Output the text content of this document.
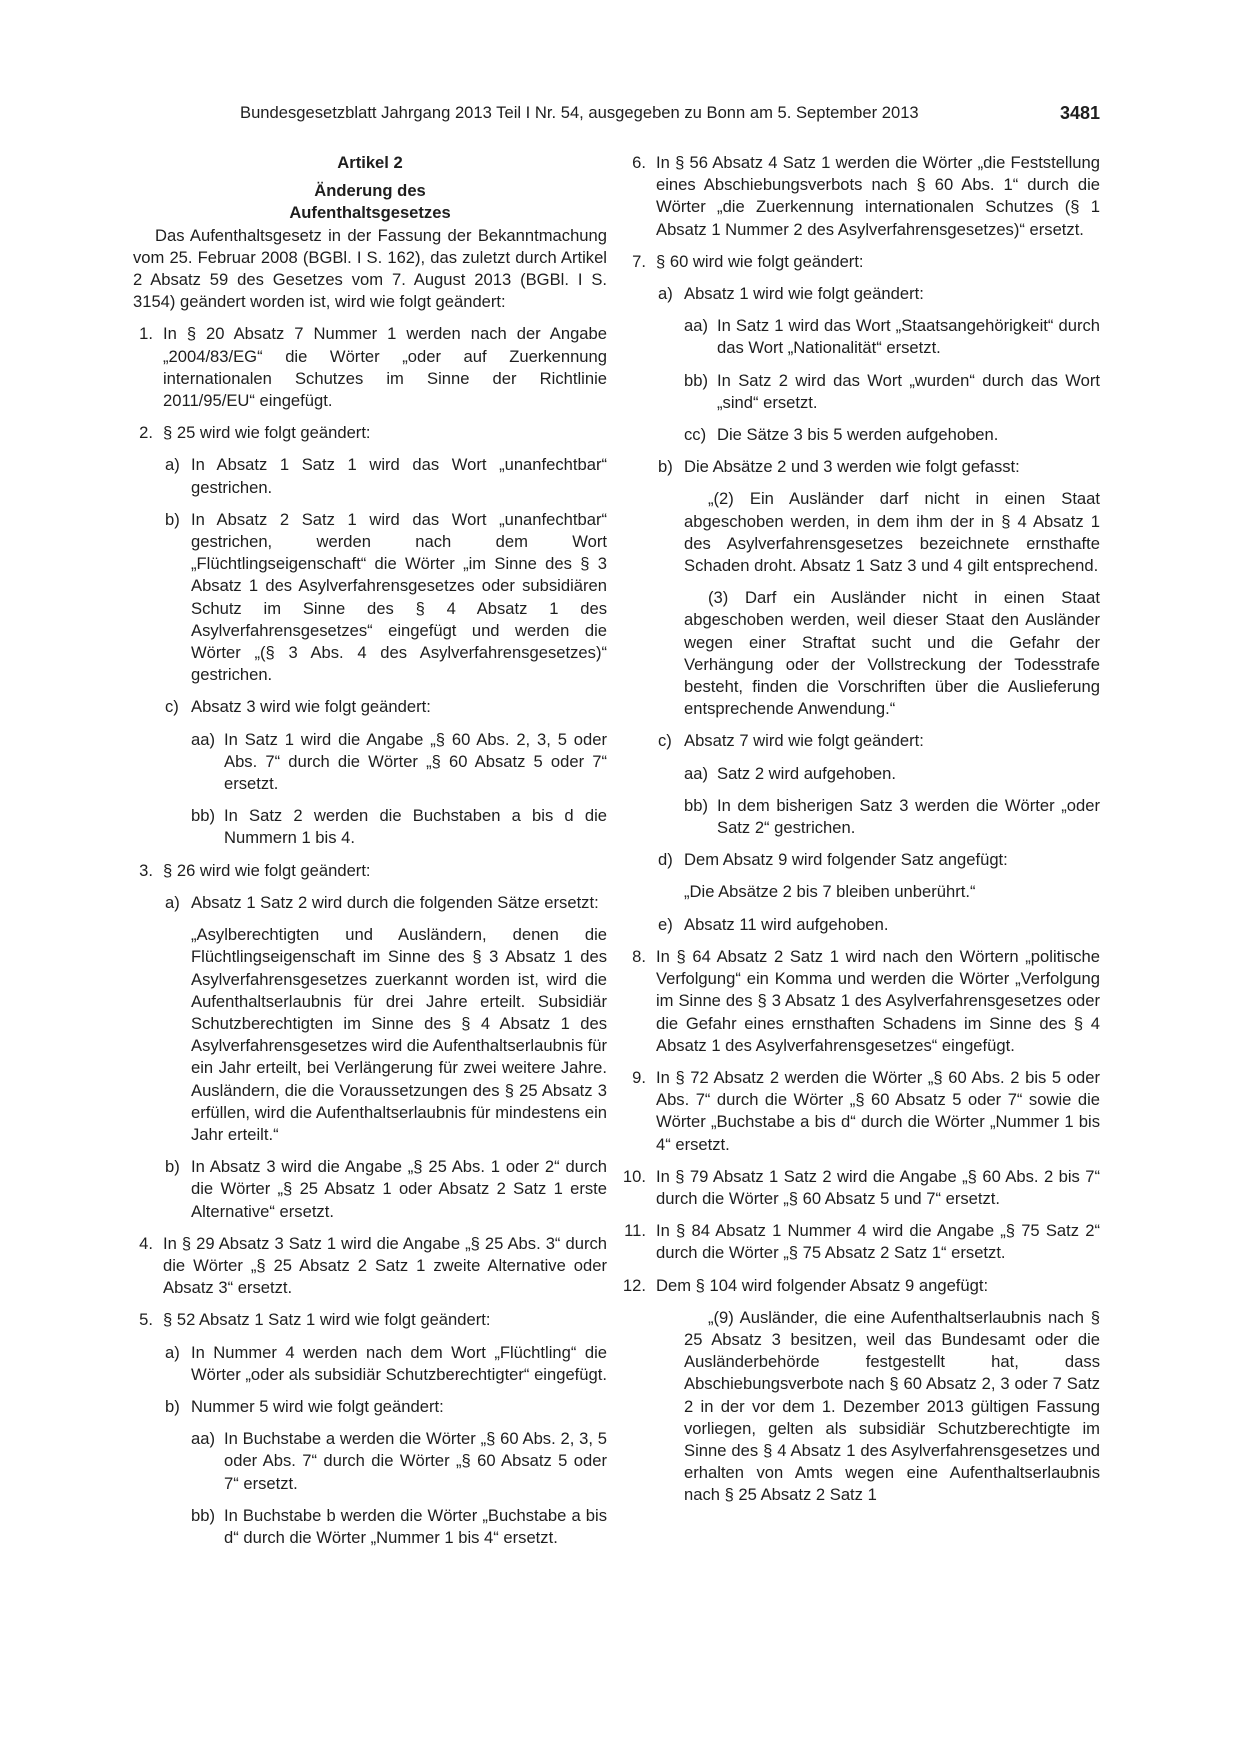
Bundesgesetzblatt Jahrgang 2013 Teil I Nr. 54, ausgegeben zu Bonn am 5. September 2013	3481

Artikel 2

Änderung des

Aufenthaltsgesetzes

Das Aufenthaltsgesetz in der Fassung der Bekanntmachung vom 25. Februar 2008 (BGBl. I S. 162), das zuletzt durch Artikel 2 Absatz 59 des Gesetzes vom 7. August 2013 (BGBl. I S. 3154) geändert worden ist, wird wie folgt geändert:

1. In § 20 Absatz 7 Nummer 1 werden nach der Angabe „2004/83/EG“ die Wörter „oder auf Zuerkennung internationalen Schutzes im Sinne der Richtlinie 2011/95/EU“ eingefügt.

2. § 25 wird wie folgt geändert:

a) In Absatz 1 Satz 1 wird das Wort „unanfechtbar“ gestrichen.

b) In Absatz 2 Satz 1 wird das Wort „unanfechtbar“ gestrichen, werden nach dem Wort „Flüchtlingseigenschaft“ die Wörter „im Sinne des § 3 Absatz 1 des Asylverfahrensgesetzes oder subsidiären Schutz im Sinne des § 4 Absatz 1 des Asylverfahrensgesetzes“ eingefügt und werden die Wörter „(§ 3 Abs. 4 des Asylverfahrensgesetzes)“ gestrichen.

c) Absatz 3 wird wie folgt geändert:

aa) In Satz 1 wird die Angabe „§ 60 Abs. 2, 3, 5 oder Abs. 7“ durch die Wörter „§ 60 Absatz 5 oder 7“ ersetzt.

bb) In Satz 2 werden die Buchstaben a bis d die Nummern 1 bis 4.

3. § 26 wird wie folgt geändert:

a) Absatz 1 Satz 2 wird durch die folgenden Sätze ersetzt:

„Asylberechtigten und Ausländern, denen die Flüchtlingseigenschaft im Sinne des § 3 Absatz 1 des Asylverfahrensgesetzes zuerkannt worden ist, wird die Aufenthaltserlaubnis für drei Jahre erteilt. Subsidiär Schutzberechtigten im Sinne des § 4 Absatz 1 des Asylverfahrensgesetzes wird die Aufenthaltserlaubnis für ein Jahr erteilt, bei Verlängerung für zwei weitere Jahre. Ausländern, die die Voraussetzungen des § 25 Absatz 3 erfüllen, wird die Aufenthaltserlaubnis für mindestens ein Jahr erteilt.“

b) In Absatz 3 wird die Angabe „§ 25 Abs. 1 oder 2“ durch die Wörter „§ 25 Absatz 1 oder Absatz 2 Satz 1 erste Alternative“ ersetzt.

4. In § 29 Absatz 3 Satz 1 wird die Angabe „§ 25 Abs. 3“ durch die Wörter „§ 25 Absatz 2 Satz 1 zweite Alternative oder Absatz 3“ ersetzt.

5. § 52 Absatz 1 Satz 1 wird wie folgt geändert:

a) In Nummer 4 werden nach dem Wort „Flüchtling“ die Wörter „oder als subsidiär Schutzberechtigter“ eingefügt.

b) Nummer 5 wird wie folgt geändert:

aa) In Buchstabe a werden die Wörter „§ 60 Abs. 2, 3, 5 oder Abs. 7“ durch die Wörter „§ 60 Absatz 5 oder 7“ ersetzt.

bb) In Buchstabe b werden die Wörter „Buchstabe a bis d“ durch die Wörter „Nummer 1 bis 4“ ersetzt.

6. In § 56 Absatz 4 Satz 1 werden die Wörter „die Feststellung eines Abschiebungsverbots nach § 60 Abs. 1“ durch die Wörter „die Zuerkennung internationalen Schutzes (§ 1 Absatz 1 Nummer 2 des Asylverfahrensgesetzes)“ ersetzt.

7. § 60 wird wie folgt geändert:

a) Absatz 1 wird wie folgt geändert:

aa) In Satz 1 wird das Wort „Staatsangehörigkeit“ durch das Wort „Nationalität“ ersetzt.

bb) In Satz 2 wird das Wort „wurden“ durch das Wort „sind“ ersetzt.

cc) Die Sätze 3 bis 5 werden aufgehoben.

b) Die Absätze 2 und 3 werden wie folgt gefasst:

„(2) Ein Ausländer darf nicht in einen Staat abgeschoben werden, in dem ihm der in § 4 Absatz 1 des Asylverfahrensgesetzes bezeichnete ernsthafte Schaden droht. Absatz 1 Satz 3 und 4 gilt entsprechend.

(3) Darf ein Ausländer nicht in einen Staat abgeschoben werden, weil dieser Staat den Ausländer wegen einer Straftat sucht und die Gefahr der Verhängung oder der Vollstreckung der Todesstrafe besteht, finden die Vorschriften über die Auslieferung entsprechende Anwendung.“

c) Absatz 7 wird wie folgt geändert:

aa) Satz 2 wird aufgehoben.

bb) In dem bisherigen Satz 3 werden die Wörter „oder Satz 2“ gestrichen.

d) Dem Absatz 9 wird folgender Satz angefügt:

„Die Absätze 2 bis 7 bleiben unberührt.“

e) Absatz 11 wird aufgehoben.

8. In § 64 Absatz 2 Satz 1 wird nach den Wörtern „politische Verfolgung“ ein Komma und werden die Wörter „Verfolgung im Sinne des § 3 Absatz 1 des Asylverfahrensgesetzes oder die Gefahr eines ernsthaften Schadens im Sinne des § 4 Absatz 1 des Asylverfahrensgesetzes“ eingefügt.

9. In § 72 Absatz 2 werden die Wörter „§ 60 Abs. 2 bis 5 oder Abs. 7“ durch die Wörter „§ 60 Absatz 5 oder 7“ sowie die Wörter „Buchstabe a bis d“ durch die Wörter „Nummer 1 bis 4“ ersetzt.

10. In § 79 Absatz 1 Satz 2 wird die Angabe „§ 60 Abs. 2 bis 7“ durch die Wörter „§ 60 Absatz 5 und 7“ ersetzt.

11. In § 84 Absatz 1 Nummer 4 wird die Angabe „§ 75 Satz 2“ durch die Wörter „§ 75 Absatz 2 Satz 1“ ersetzt.

12. Dem § 104 wird folgender Absatz 9 angefügt:

„(9) Ausländer, die eine Aufenthaltserlaubnis nach § 25 Absatz 3 besitzen, weil das Bundesamt oder die Ausländerbehörde festgestellt hat, dass Abschiebungsverbote nach § 60 Absatz 2, 3 oder 7 Satz 2 in der vor dem 1. Dezember 2013 gültigen Fassung vorliegen, gelten als subsidiär Schutzberechtigte im Sinne des § 4 Absatz 1 des Asylverfahrensgesetzes und erhalten von Amts wegen eine Aufenthaltserlaubnis nach § 25 Absatz 2 Satz 1
